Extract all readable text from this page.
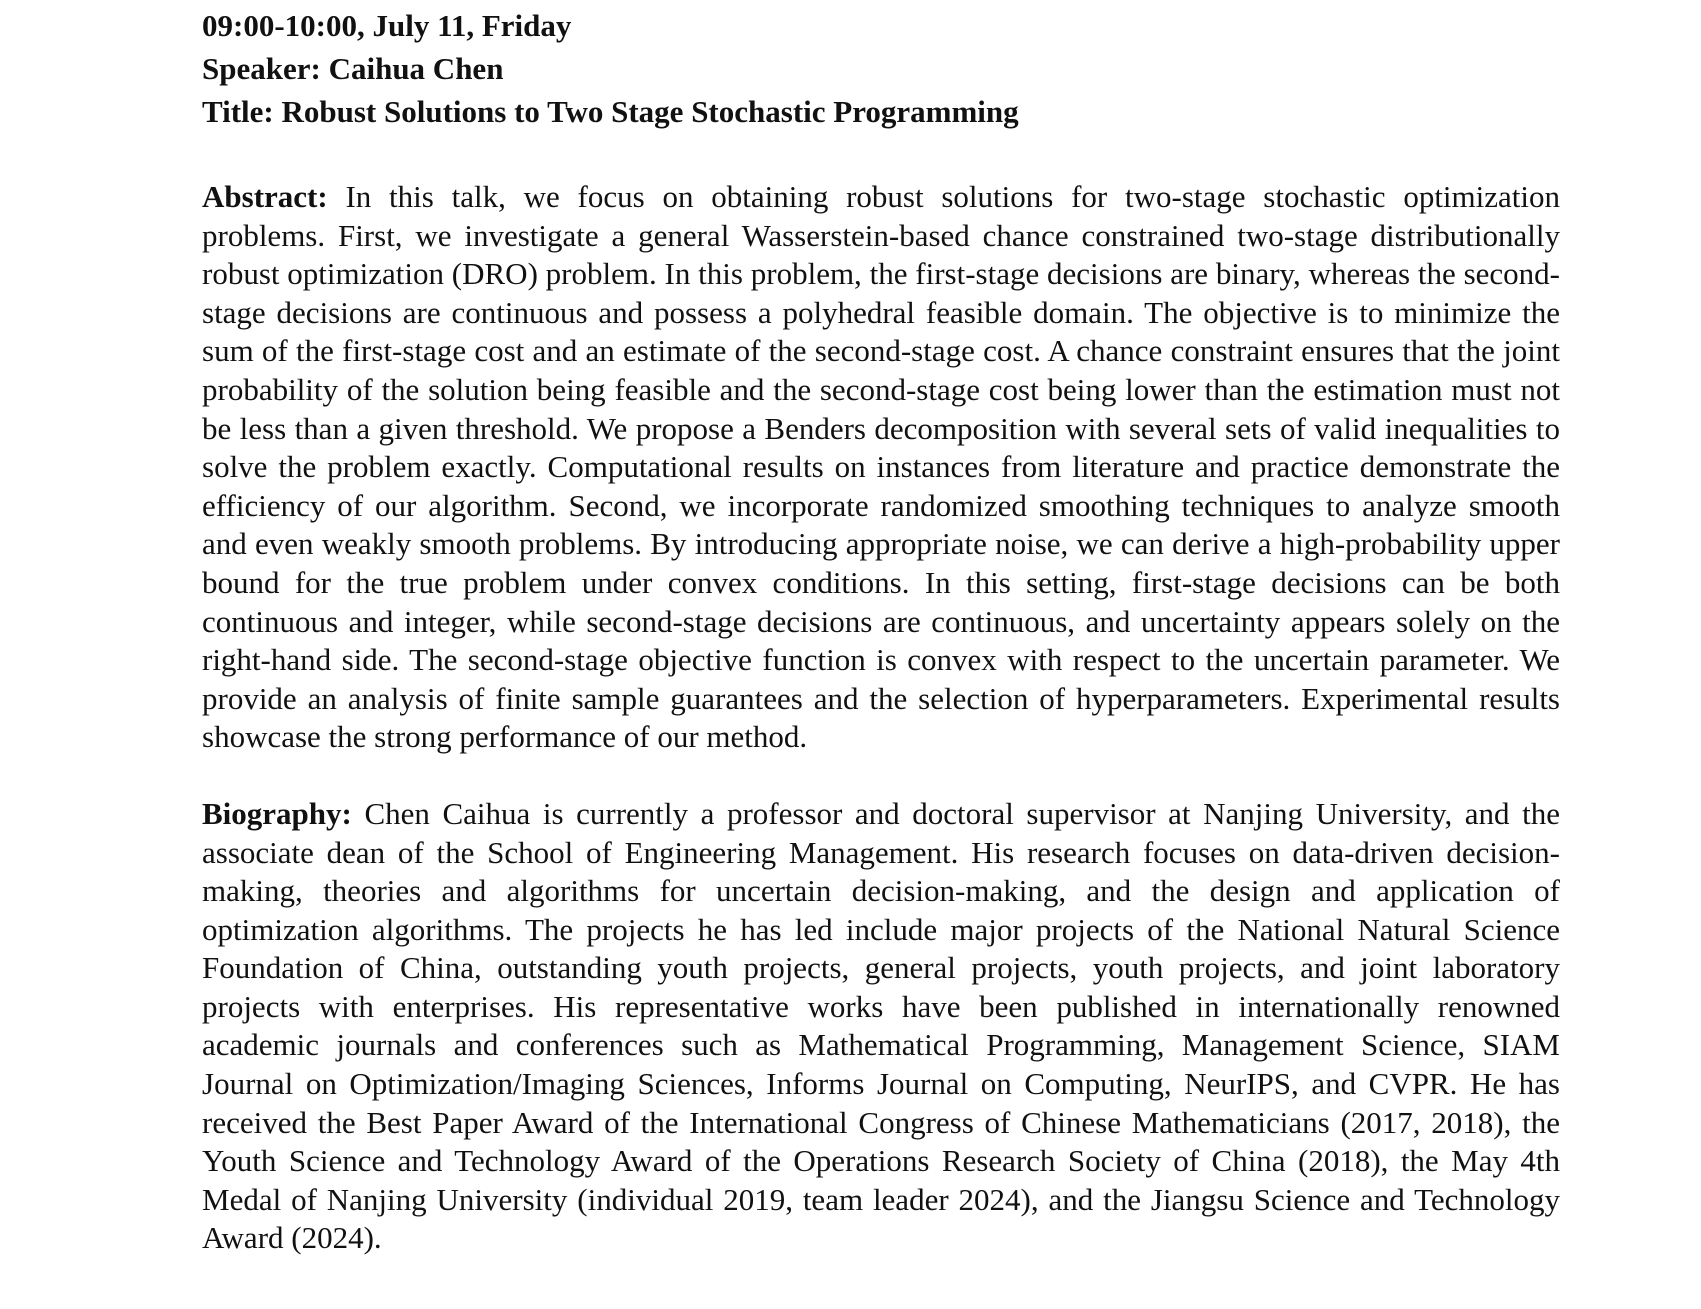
09:00-10:00, July 11, Friday
Speaker: Caihua Chen
Title: Robust Solutions to Two Stage Stochastic Programming

Abstract: In this talk, we focus on obtaining robust solutions for two-stage stochastic optimization problems. First, we investigate a general Wasserstein-based chance constrained two-stage distributionally robust optimization (DRO) problem. In this problem, the first-stage decisions are binary, whereas the second-stage decisions are continuous and possess a polyhedral feasible domain. The objective is to minimize the sum of the first-stage cost and an estimate of the second-stage cost. A chance constraint ensures that the joint probability of the solution being feasible and the second-stage cost being lower than the estimation must not be less than a given threshold. We propose a Benders decomposition with several sets of valid inequalities to solve the problem exactly. Computational results on instances from literature and practice demonstrate the efficiency of our algorithm. Second, we incorporate randomized smoothing techniques to analyze smooth and even weakly smooth problems. By introducing appropriate noise, we can derive a high-probability upper bound for the true problem under convex conditions. In this setting, first-stage decisions can be both continuous and integer, while second-stage decisions are continuous, and uncertainty appears solely on the right-hand side. The second-stage objective function is convex with respect to the uncertain parameter. We provide an analysis of finite sample guarantees and the selection of hyperparameters. Experimental results showcase the strong performance of our method.

Biography: Chen Caihua is currently a professor and doctoral supervisor at Nanjing University, and the associate dean of the School of Engineering Management. His research focuses on data-driven decision-making, theories and algorithms for uncertain decision-making, and the design and application of optimization algorithms. The projects he has led include major projects of the National Natural Science Foundation of China, outstanding youth projects, general projects, youth projects, and joint laboratory projects with enterprises. His representative works have been published in internationally renowned academic journals and conferences such as Mathematical Programming, Management Science, SIAM Journal on Optimization/Imaging Sciences, Informs Journal on Computing, NeurIPS, and CVPR. He has received the Best Paper Award of the International Congress of Chinese Mathematicians (2017, 2018), the Youth Science and Technology Award of the Operations Research Society of China (2018), the May 4th Medal of Nanjing University (individual 2019, team leader 2024), and the Jiangsu Science and Technology Award (2024).
